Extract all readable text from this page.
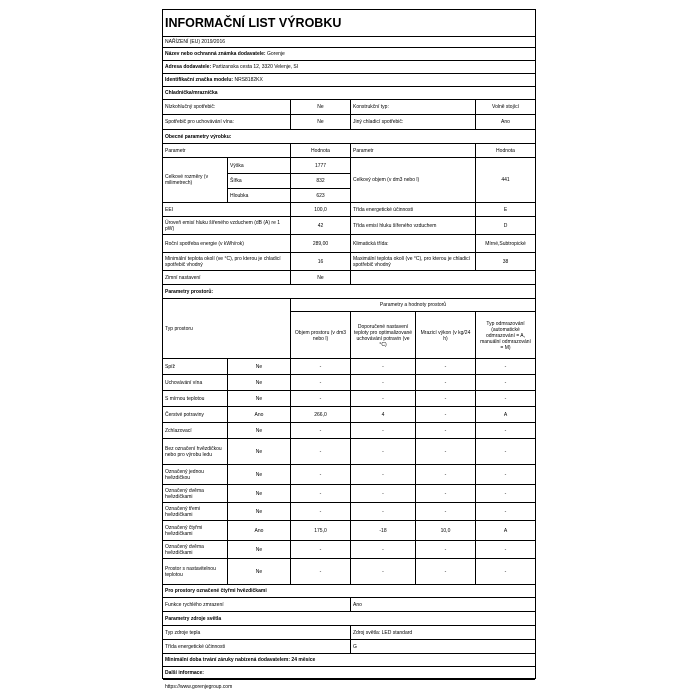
INFORMAČNÍ LIST VÝROBKU
NAŘÍZENÍ (EU) 2019/2016
Název nebo ochranná známka dodavatele:
Gorenje
Adresa dodavatele:
Partizanska cesta 12, 3320 Velenje, SI
Identifikační značka modelu:
NRS8182KX
Chladnička/mraznička
Nízkohlučný spotřebič:	Ne	Konstrukční typ:	Volně stojící
Spotřebič pro uchovávání vína:	Ne	Jiný chladicí spotřebič:	Ano
Obecné parametry výrobku:
Parametr	Hodnota	Parametr	Hodnota
Celkové rozměry (v milimetrech)
Výška	1777
Šířka	832
Hloubka	623
Celkový objem (v dm3 nebo l)	441
EEI	100,0	Třída energetické účinnosti	E
Úroveň emisí hluku šířeného vzduchem (dB (A) re 1 pW)	42	Třída emisí hluku šířeného vzduchem	D
Roční spotřeba energie (v kWh/rok)	289,00	Klimatická třída:	Mírné,Subtropické
Minimální teplota okolí (ve °C), pro kterou je chladicí spotřebič vhodný	16	Maximální teplota okolí (ve °C), pro kterou je chladicí spotřebič vhodný	38
Zimní nastavení	Ne
Parametry prostorů:
Typ prostoru
Parametry a hodnoty prostorů
Objem prostoru (v dm3 nebo l)
Doporučené nastavení teploty pro optimalizované uchovávání potravin (ve °C)
Mrazicí výkon (v kg/24 h)
Typ odmrazování (automatické odmrazování = A, manuální odmrazování = M)
Spíž	Ne	-	-	-	-
Uchovávání vína	Ne	-	-	-	-
S mírnou teplotou	Ne	-	-	-	-
Čerstvé potraviny	Ano	266,0	4	-	A
Zchlazovací	Ne	-	-	-	-
Bez označení hvězdičkou nebo pro výrobu ledu	Ne	-	-	-	-
Označený jednou hvězdičkou	Ne	-	-	-	-
Označený dvěma hvězdičkami	Ne	-	-	-	-
Označený třemi hvězdičkami	Ne	-	-	-	-
Označený čtyřmi hvězdičkami	Ano	175,0	-18	10,0	A
Označený dvěma hvězdičkami	Ne	-	-	-	-
Prostor s nastavitelnou teplotou	Ne	-	-	-	-
Pro prostory označené čtyřmi hvězdičkami
Funkce rychlého zmrazení	Ano
Parametry zdroje světla
Typ zdroje tepla	Zdroj světla: LED standard
Třída energetické účinnosti	G
Minimální doba trvání záruky nabízená dodavatelem: 24 měsíce
Další informace:
https://www.gorenjegroup.com
